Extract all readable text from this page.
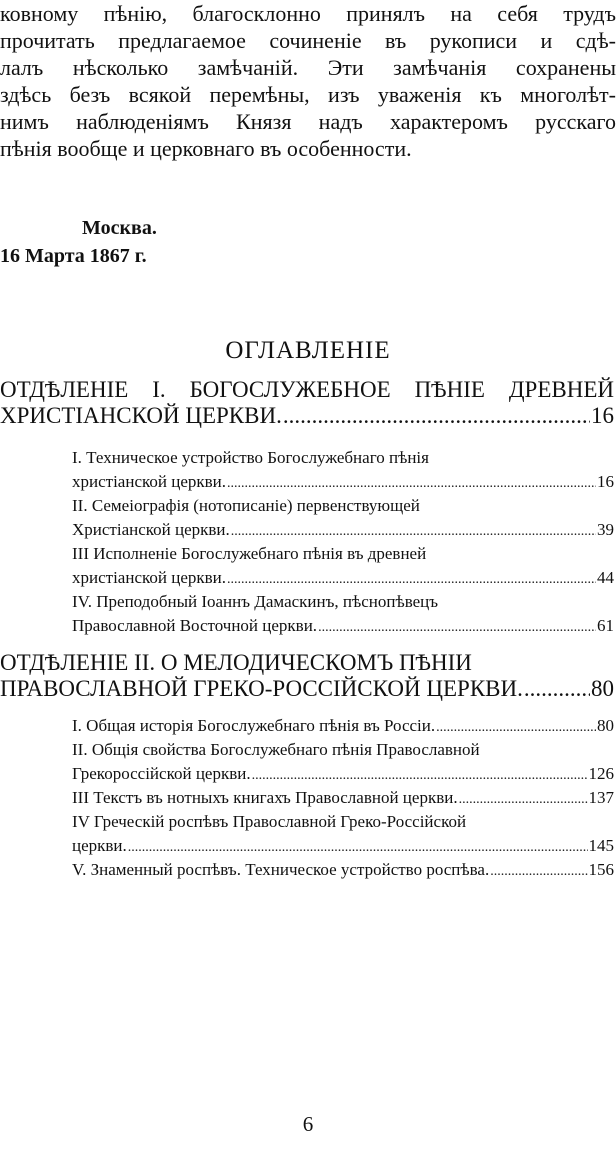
ковному пѣнію, благосклонно принялъ на себя трудъ
прочитать предлагаемое сочиненіе въ рукописи и сдѣ-
лалъ нѣсколько замѣчаній. Эти замѣчанія сохранены
здѣсь безъ всякой перемѣны, изъ уваженія къ многолѣт-
нимъ наблюденіямъ Князя надъ характеромъ русскаго
пѣнія вообще и церковнаго въ особенности.
Москва.
16 Марта 1867 г.
ОГЛАВЛЕНІЕ
ОТДѢЛЕНІЕ I. БОГОСЛУЖЕБНОЕ ПѢНІЕ ДРЕВНЕЙ
ХРИСТІАНСКОЙ ЦЕРКВИ. .....	16
I. Техническое устройство Богослужебнаго пѣнія
христіанской церкви. .....	16
II. Семеіографія (нотописаніе) первенствующей
Христіанской церкви. .....	39
III Исполненіе Богослужебнаго пѣнія въ древней
христіанской церкви. .....	44
IV. Преподобный Іоаннъ Дамаскинъ, пѣснопѣвецъ
Православной Восточной церкви. .....	61
ОТДѢЛЕНІЕ II. О МЕЛОДИЧЕСКОМЪ ПѢНІИ
ПРАВОСЛАВНОЙ ГРЕКО-РОССІЙСКОЙ ЦЕРКВИ. .....	80
I. Общая исторія Богослужебнаго пѣнія въ Россіи. .....	80
II. Общія свойства Богослужебнаго пѣнія Православной
Грекороссійской церкви. .....	126
III Текстъ въ нотныхъ книгахъ Православной церкви. .....	137
IV Греческій роспѣвъ Православной Греко-Россійской
церкви. .....	145
V. Знаменный роспѣвъ. Техническое устройство роспѣва. .....	156
6
